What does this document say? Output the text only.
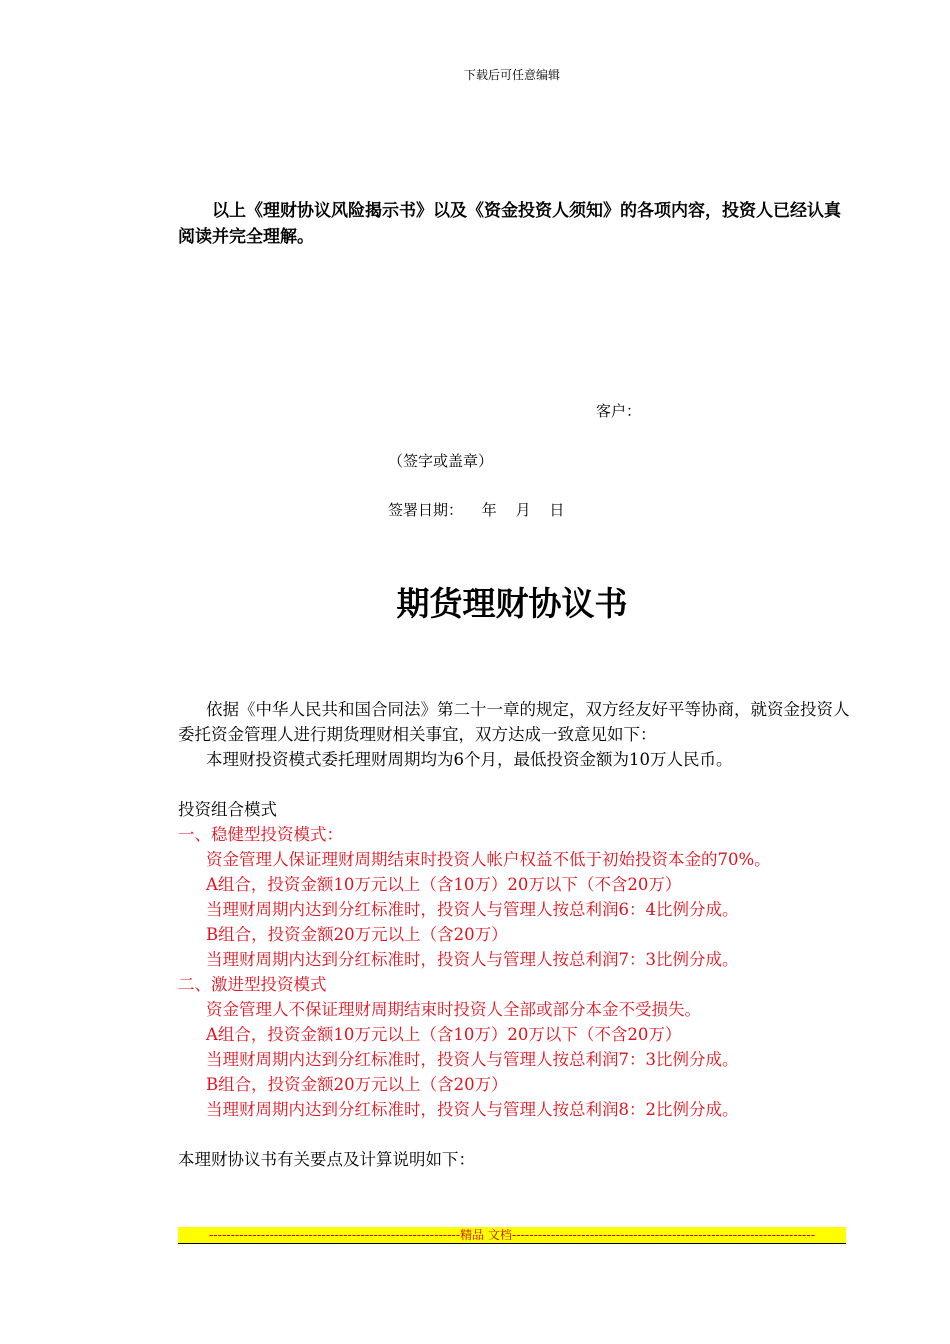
下载后可任意编辑
以上《理财协议风险揭示书》以及《资金投资人须知》的各项内容，投资人已经认真阅读并完全理解。
客户：
（签字或盖章）
签署日期： 年 月 日
期货理财协议书
依据《中华人民共和国合同法》第二十一章的规定，双方经友好平等协商，就资金投资人委托资金管理人进行期货理财相关事宜，双方达成一致意见如下：
本理财投资模式委托理财周期均为6个月，最低投资金额为10万人民币。
投资组合模式
一、稳健型投资模式：
资金管理人保证理财周期结束时投资人帐户权益不低于初始投资本金的70%。
A组合，投资金额10万元以上（含10万）20万以下（不含20万）
当理财周期内达到分红标准时，投资人与管理人按总利润6：4比例分成。
B组合，投资金额20万元以上（含20万）
当理财周期内达到分红标准时，投资人与管理人按总利润7：3比例分成。
二、激进型投资模式
资金管理人不保证理财周期结束时投资人全部或部分本金不受损失。
A组合，投资金额10万元以上（含10万）20万以下（不含20万）
当理财周期内达到分红标准时，投资人与管理人按总利润7：3比例分成。
B组合，投资金额20万元以上（含20万）
当理财周期内达到分红标准时，投资人与管理人按总利润8：2比例分成。
本理财协议书有关要点及计算说明如下：
----------------------------------------------------------精品 文档----------------------------------------------------------------------
